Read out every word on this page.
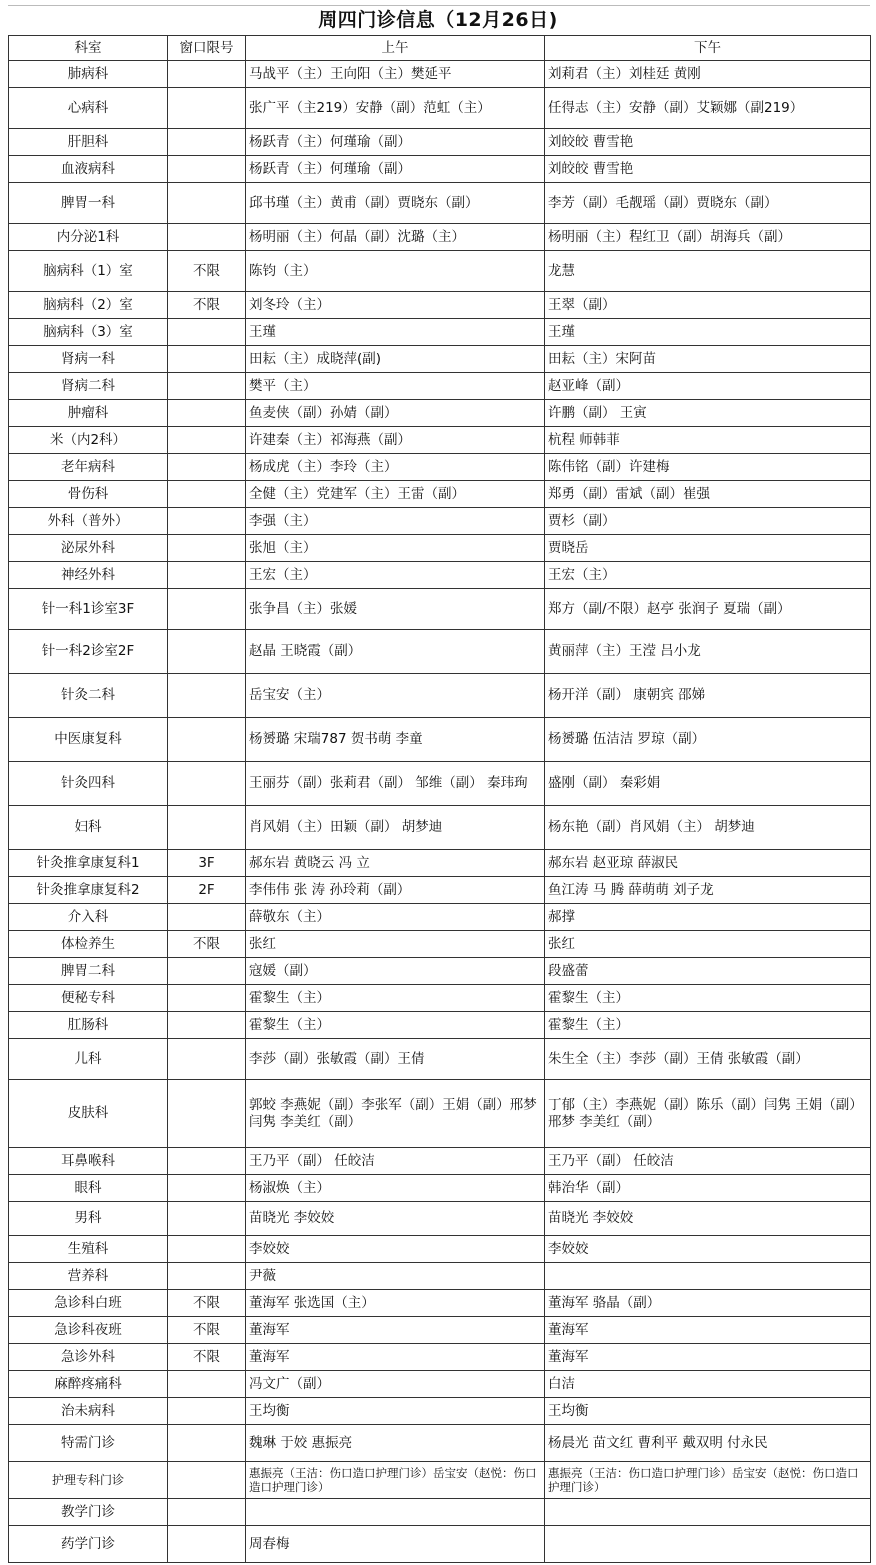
周四门诊信息（12月26日)
科室	窗口限号	上午	下午
肺病科		马战平（主）王向阳（主）樊延平	刘莉君（主）刘桂廷 黄刚
心病科		张广平（主219）安静（副）范虹（主）	任得志（主）安静（副）艾颖娜（副219）
肝胆科		杨跃青（主）何瑾瑜（副）	刘皎皎 曹雪艳
血液病科		杨跃青（主）何瑾瑜（副）	刘皎皎 曹雪艳
脾胃一科		邱书瑾（主）黄甫（副）贾晓东（副）	李芳（副）毛靓瑶（副）贾晓东（副）
内分泌1科		杨明丽（主）何晶（副）沈璐（主）	杨明丽（主）程红卫（副）胡海兵（副）
脑病科（1）室	不限	陈钧（主）	龙慧
脑病科（2）室	不限	刘冬玲（主）	王翠（副）
脑病科（3）室		王瑾	王瑾
肾病一科		田耘（主）成晓萍(副)	田耘（主）宋阿苗
肾病二科		樊平（主）	赵亚峰（副）
肿瘤科		鱼麦侠（副）孙婧（副）	许鹏（副） 王寅
米（内2科）		许建秦（主）祁海燕（副）	杭程 师韩菲
老年病科		杨成虎（主）李玲（主）	陈伟铭（副）许建梅
骨伤科		全健（主）党建军（主）王雷（副）	郑勇（副）雷斌（副）崔强
外科（普外）		李强（主）	贾杉（副）
泌尿外科		张旭（主）	贾晓岳
神经外科		王宏（主）	王宏（主）
针一科1诊室3F		张争昌（主）张媛	郑方（副/不限）赵亭 张润子 夏瑞（副）
针一科2诊室2F		赵晶 王晓霞（副）	黄丽萍（主）王滢 吕小龙
针灸二科		岳宝安（主）	杨开洋（副） 康朝宾 邵娣
中医康复科		杨赟璐 宋瑞787 贺书萌 李童	杨赟璐 伍洁洁 罗琼（副）
针灸四科		王丽芬（副）张莉君（副） 邹维（副） 秦玮珣	盛刚（副） 秦彩娟
妇科		肖风娟（主）田颖（副） 胡梦迪	杨东艳（副）肖风娟（主） 胡梦迪
针灸推拿康复科1	3F	郝东岩 黄晓云 冯 立	郝东岩 赵亚琼 薛淑民
针灸推拿康复科2	2F	李伟伟 张 涛 孙玲莉（副）	鱼江涛 马 腾 薛萌萌 刘子龙
介入科		薛敬东（主）	郝撑
体检养生	不限	张红	张红
脾胃二科		寇媛（副）	段盛蕾
便秘专科		霍黎生（主）	霍黎生（主）
肛肠科		霍黎生（主）	霍黎生（主）
儿科		李莎（副）张敏霞（副）王倩	朱生全（主）李莎（副）王倩 张敏霞（副）
皮肤科		郭蛟 李燕妮（副）李张军（副）王娟（副）邢梦 闫隽 李美红（副）	丁郁（主）李燕妮（副）陈乐（副）闫隽 王娟（副）邢梦 李美红（副）
耳鼻喉科		王乃平（副） 任皎洁	王乃平（副） 任皎洁
眼科		杨淑焕（主）	韩治华（副）
男科		苗晓光 李姣姣	苗晓光 李姣姣
生殖科		李姣姣	李姣姣
营养科		尹薇	
急诊科白班	不限	董海军 张选国（主）	董海军 骆晶（副）
急诊科夜班	不限	董海军	董海军
急诊外科	不限	董海军	董海军
麻醉疼痛科		冯文广（副）	白洁
治未病科		王均衡	王均衡
特需门诊		魏琳 于姣 惠振亮	杨晨光 苗文红 曹利平 戴双明 付永民
护理专科门诊		惠振亮（王洁：伤口造口护理门诊）岳宝安（赵悦：伤口造口护理门诊）	惠振亮（王洁：伤口造口护理门诊）岳宝安（赵悦：伤口造口护理门诊）
教学门诊			
药学门诊		周春梅	
